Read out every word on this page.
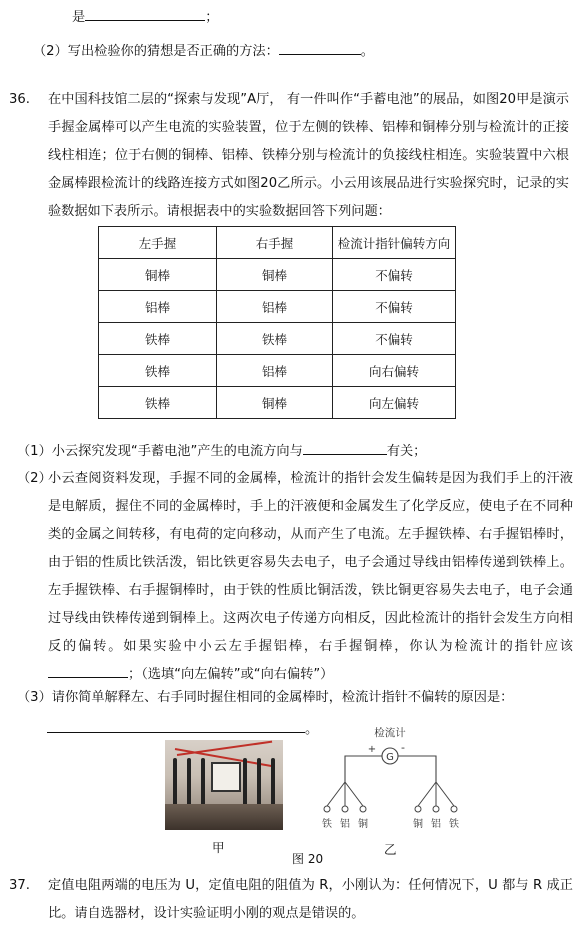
是	；
（2）写出检验你的猜想是否正确的方法：	。
36. 在中国科技馆二层的“探索与发现”A厅， 有一件叫作“手蓄电池”的展品，如图20甲是演示手握金属棒可以产生电流的实验装置，位于左侧的铁棒、铝棒和铜棒分别与检流计的正接线柱相连；位于右侧的铜棒、铝棒、铁棒分别与检流计的负接线柱相连。实验装置中六根金属棒跟检流计的线路连接方式如图20乙所示。小云用该展品进行实验探究时，记录的实验数据如下表所示。请根据表中的实验数据回答下列问题：
左手握	右手握	检流计指针偏转方向
铜棒	铜棒	不偏转
铝棒	铝棒	不偏转
铁棒	铁棒	不偏转
铁棒	铝棒	向右偏转
铁棒	铜棒	向左偏转
（1）小云探究发现“手蓄电池”产生的电流方向与	有关；
（2）
小云查阅资料发现，手握不同的金属棒，检流计的指针会发生偏转是因为我们手上的汗液是电解质，握住不同的金属棒时，手上的汗液便和金属发生了化学反应，使电子在不同种类的金属之间转移，有电荷的定向移动，从而产生了电流。左手握铁棒、右手握铝棒时，由于铝的性质比铁活泼，铝比铁更容易失去电子，电子会通过导线由铝棒传递到铁棒上。左手握铁棒、右手握铜棒时，由于铁的性质比铜活泼，铁比铜更容易失去电子，电子会通过导线由铁棒传递到铜棒上。这两次电子传递方向相反，因此检流计的指针会发生方向相反的偏转。如果实验中小云左手握铝棒，右手握铜棒，你认为检流计的指针应该；（选填“向左偏转”或“向右偏转”）
（3）请你简单解释左、右手同时握住相同的金属棒时，检流计指针不偏转的原因是：
。	检流计
+ -
G
铁 铝 铜	铜 铝 铁
甲	乙
图 20
37. 定值电阻两端的电压为 U，定值电阻的阻值为 R，小刚认为：任何情况下，U 都与 R 成正比。请自选器材，设计实验证明小刚的观点是错误的。
